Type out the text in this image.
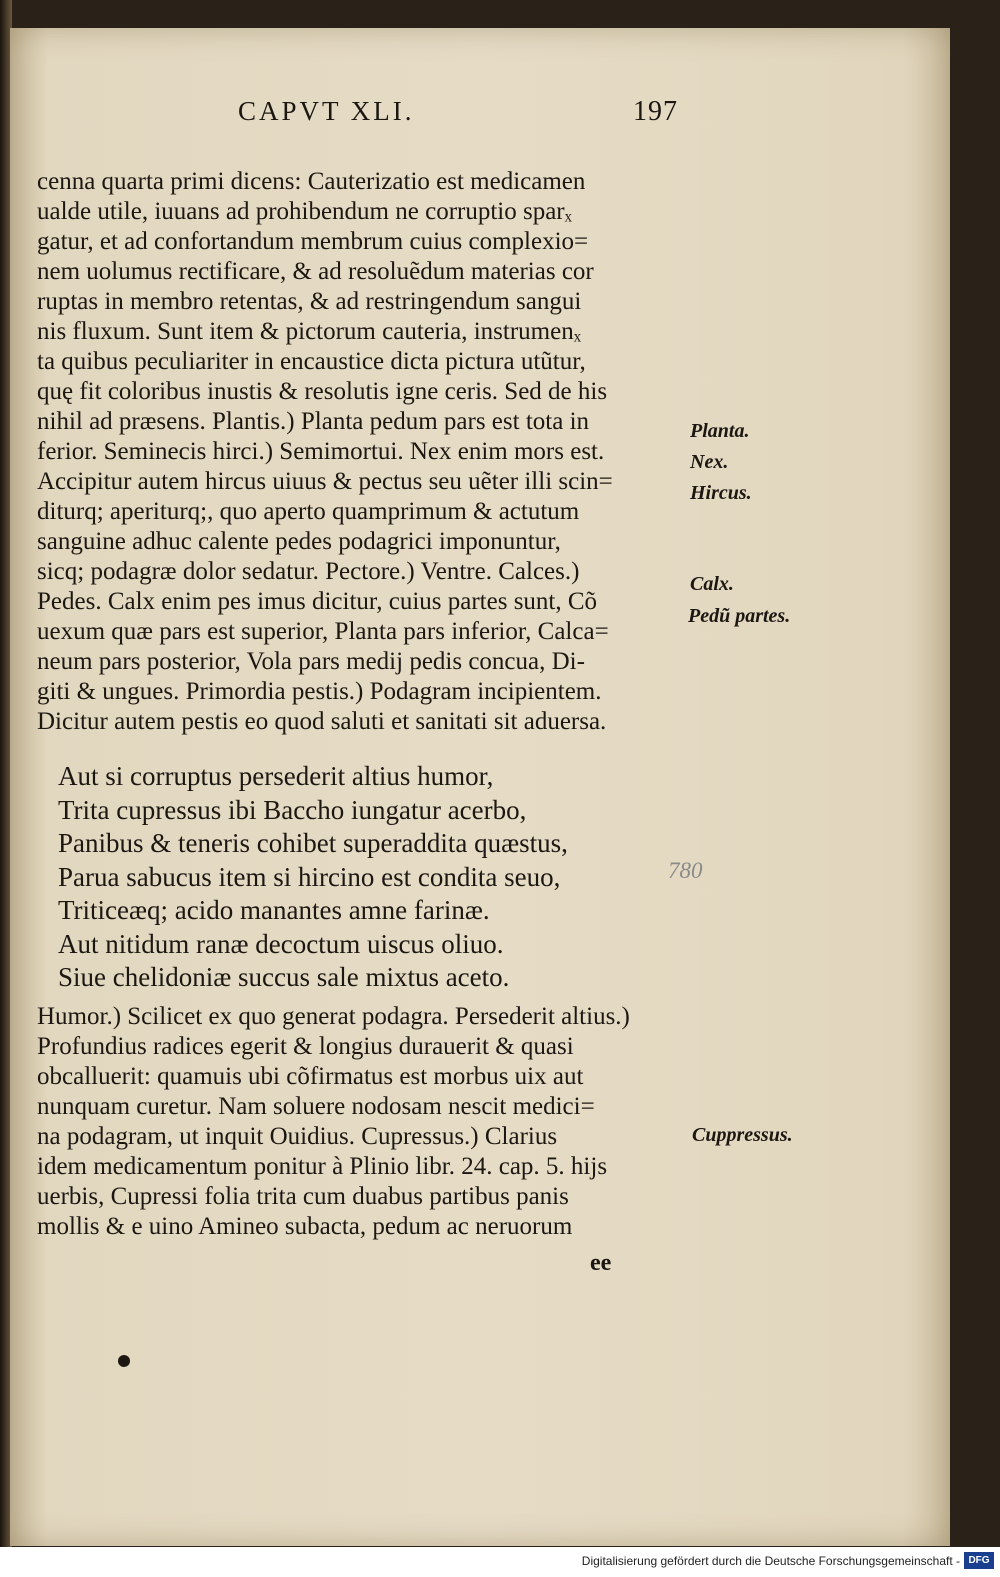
CAPVT XLI.	197
cenna quarta primi dicens: Cauterizatio est medicamen
ualde utile, iuuans ad prohibendum ne corruptio sparₓ
gatur, et ad confortandum membrum cuius complexio=
nem uolumus rectificare, & ad resoluẽdum materias cor
ruptas in membro retentas, & ad restringendum sangui
nis fluxum. Sunt item & pictorum cauteria, instrumenₓ
ta quibus peculiariter in encaustice dicta pictura utũtur,
quę fit coloribus inustis & resolutis igne ceris. Sed de his
nihil ad præsens. Plantis.) Planta pedum pars est tota in
ferior. Seminecis hirci.) Semimortui. Nex enim mors est.
Accipitur autem hircus uiuus & pectus seu uẽter illi scin=
diturq; aperiturq;, quo aperto quamprimum & actutum
sanguine adhuc calente pedes podagrici imponuntur,
sicq; podagræ dolor sedatur. Pectore.) Ventre. Calces.)
Pedes. Calx enim pes imus dicitur, cuius partes sunt, Cõ
uexum quæ pars est superior, Planta pars inferior, Calca=
neum pars posterior, Vola pars medij pedis concua, Di-
giti & ungues. Primordia pestis.) Podagram incipientem.
Dicitur autem pestis eo quod saluti et sanitati sit aduersa.
Planta.
Nex.
Hircus.
Calx.
Pedũ partes.
Aut si corruptus persederit altius humor,
Trita cupressus ibi Baccho iungatur acerbo,
Panibus & teneris cohibet superaddita quæstus,
Parua sabucus item si hircino est condita seuo,
Triticeæq; acido manantes amne farinæ.
Aut nitidum ranæ decoctum uiscus oliuo.
Siue chelidoniæ succus sale mixtus aceto.
780
Humor.) Scilicet ex quo generat podagra. Persederit altius.)
Profundius radices egerit & longius durauerit & quasi
obcalluerit: quamuis ubi cõfirmatus est morbus uix aut
nunquam curetur. Nam soluere nodosam nescit medici=
na podagram, ut inquit Ouidius. Cupressus.) Clarius
idem medicamentum ponitur à Plinio libr. 24. cap. 5. hijs
uerbis, Cupressi folia trita cum duabus partibus panis
mollis & e uino Amineo subacta, pedum ac neruorum
Cuppressus.
ee
Digitalisierung gefördert durch die Deutsche Forschungsgemeinschaft - DFG
